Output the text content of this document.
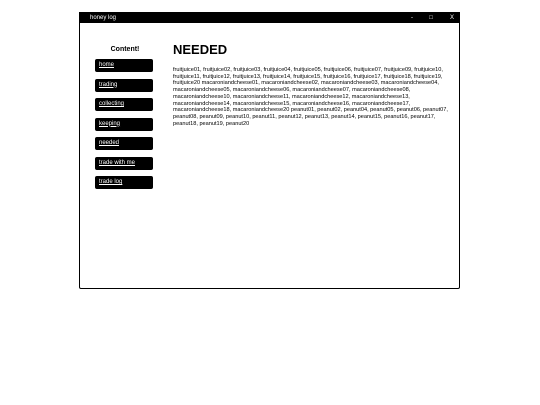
honey log	-	□	X
Content!
home
trading
collecting
keeping
needed
trade with me
trade log
NEEDED
fruitjuice01, fruitjuice02, fruitjuice03, fruitjuice04, fruitjuice05, fruitjuice06, fruitjuice07, fruitjuice09, fruitjuice10, fruitjuice11, fruitjuice12, fruitjuice13, fruitjuice14, fruitjuice15, fruitjuice16, fruitjuice17, fruitjuice18, fruitjuice19, fruitjuice20 macaroniandcheese01, macaroniandcheese02, macaroniandcheese03, macaroniandcheese04, macaroniandcheese05, macaroniandcheese06, macaroniandcheese07, macaroniandcheese08, macaroniandcheese10, macaroniandcheese11, macaroniandcheese12, macaroniandcheese13, macaroniandcheese14, macaroniandcheese15, macaroniandcheese16, macaroniandcheese17, macaroniandcheese18, macaroniandcheese20 peanut01, peanut02, peanut04, peanut05, peanut06, peanut07, peanut08, peanut09, peanut10, peanut11, peanut12, peanut13, peanut14, peanut15, peanut16, peanut17, peanut18, peanut19, peanut20
